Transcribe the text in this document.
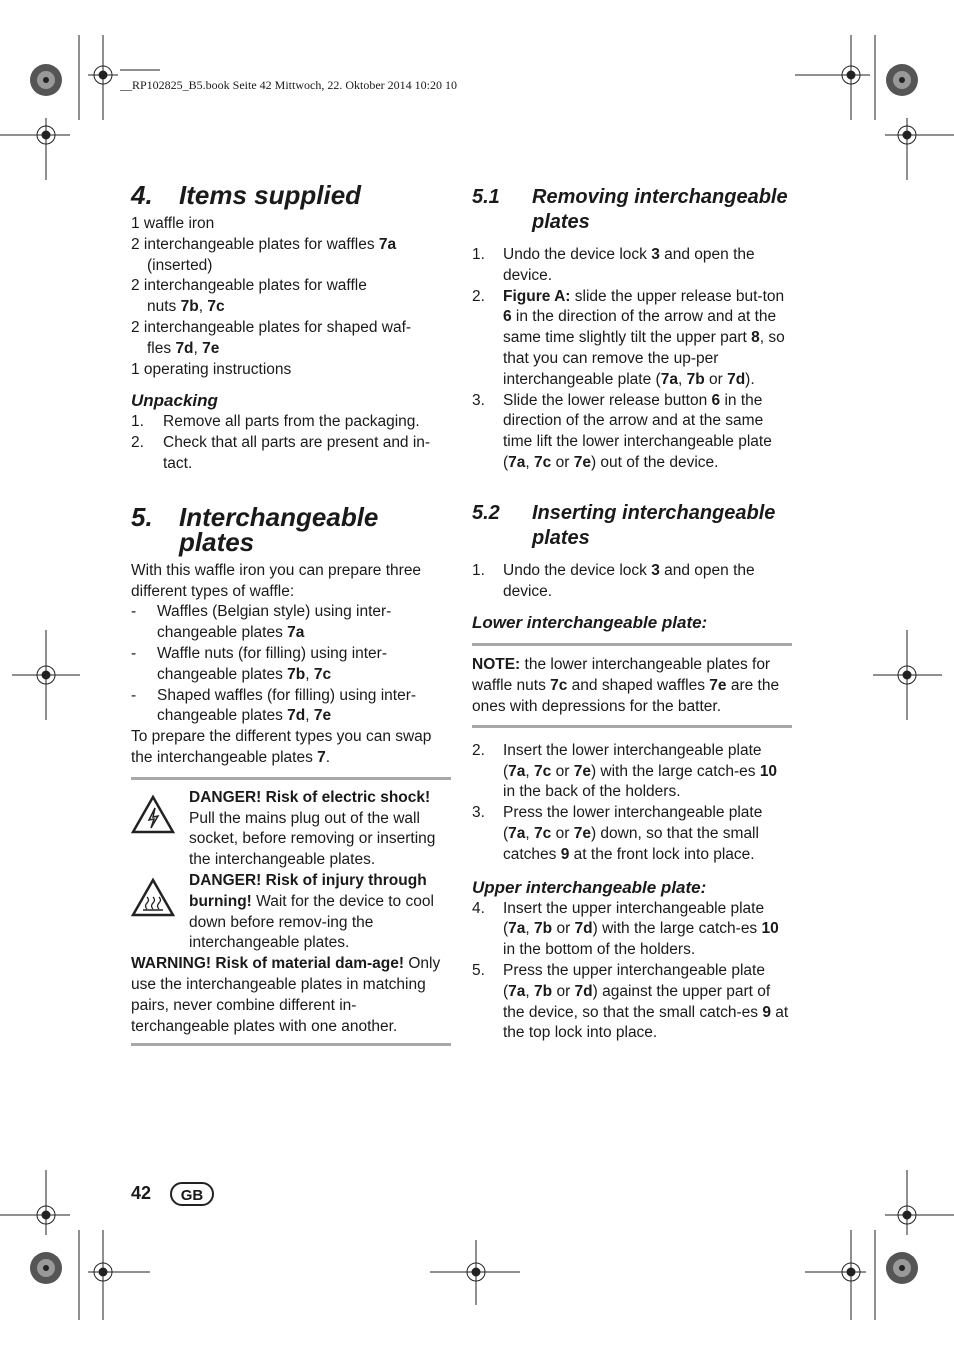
__RP102825_B5.book Seite 42 Mittwoch, 22. Oktober 2014 10:20 10
4.	Items supplied

1 waffle iron

2 interchangeable plates for waffles 7a
(inserted)

2 interchangeable plates for waffle
nuts 7b, 7c

2 interchangeable plates for shaped waf-
fles 7d, 7e

1 operating instructions

Unpacking
1.	Remove all parts from the packaging.
2.	Check that all parts are present and in-tact.
5.	Interchangeable plates

With this waffle iron you can prepare three different types of waffle:

-	Waffles (Belgian style) using inter-changeable plates 7a
-	Waffle nuts (for filling) using inter-changeable plates 7b, 7c
-	Shaped waffles (for filling) using inter-changeable plates 7d, 7e

To prepare the different types you can swap the interchangeable plates 7.

DANGER! Risk of electric shock!

Pull the mains plug out of the wall socket, before removing or inserting the interchangeable plates.

DANGER! Risk of injury through burning! Wait for the device to cool down before remov-ing the interchangeable plates.

WARNING! Risk of material dam-age! Only use the interchangeable plates in matching pairs, never combine different in-terchangeable plates with one another.

5.1	Removing interchangeable plates
1.	Undo the device lock 3 and open the device.
2.	Figure A: slide the upper release but-ton 6 in the direction of the arrow and at the same time slightly tilt the upper part 8, so that you can remove the up-per interchangeable plate (7a, 7b or 7d).
3.	Slide the lower release button 6 in the direction of the arrow and at the same time lift the lower interchangeable plate (7a, 7c or 7e) out of the device.
5.2	Inserting interchangeable plates
1.	Undo the device lock 3 and open the device.
Lower interchangeable plate:

NOTE: the lower interchangeable plates for waffle nuts 7c and shaped waffles 7e are the ones with depressions for the batter.

2.	Insert the lower interchangeable plate (7a, 7c or 7e) with the large catch-es 10 in the back of the holders.
3.	Press the lower interchangeable plate (7a, 7c or 7e) down, so that the small catches 9 at the front lock into place.
Upper interchangeable plate:
4.	Insert the upper interchangeable plate (7a, 7b or 7d) with the large catch-es 10 in the bottom of the holders.
5.	Press the upper interchangeable plate (7a, 7b or 7d) against the upper part of the device, so that the small catch-es 9 at the top lock into place.
42	GB
